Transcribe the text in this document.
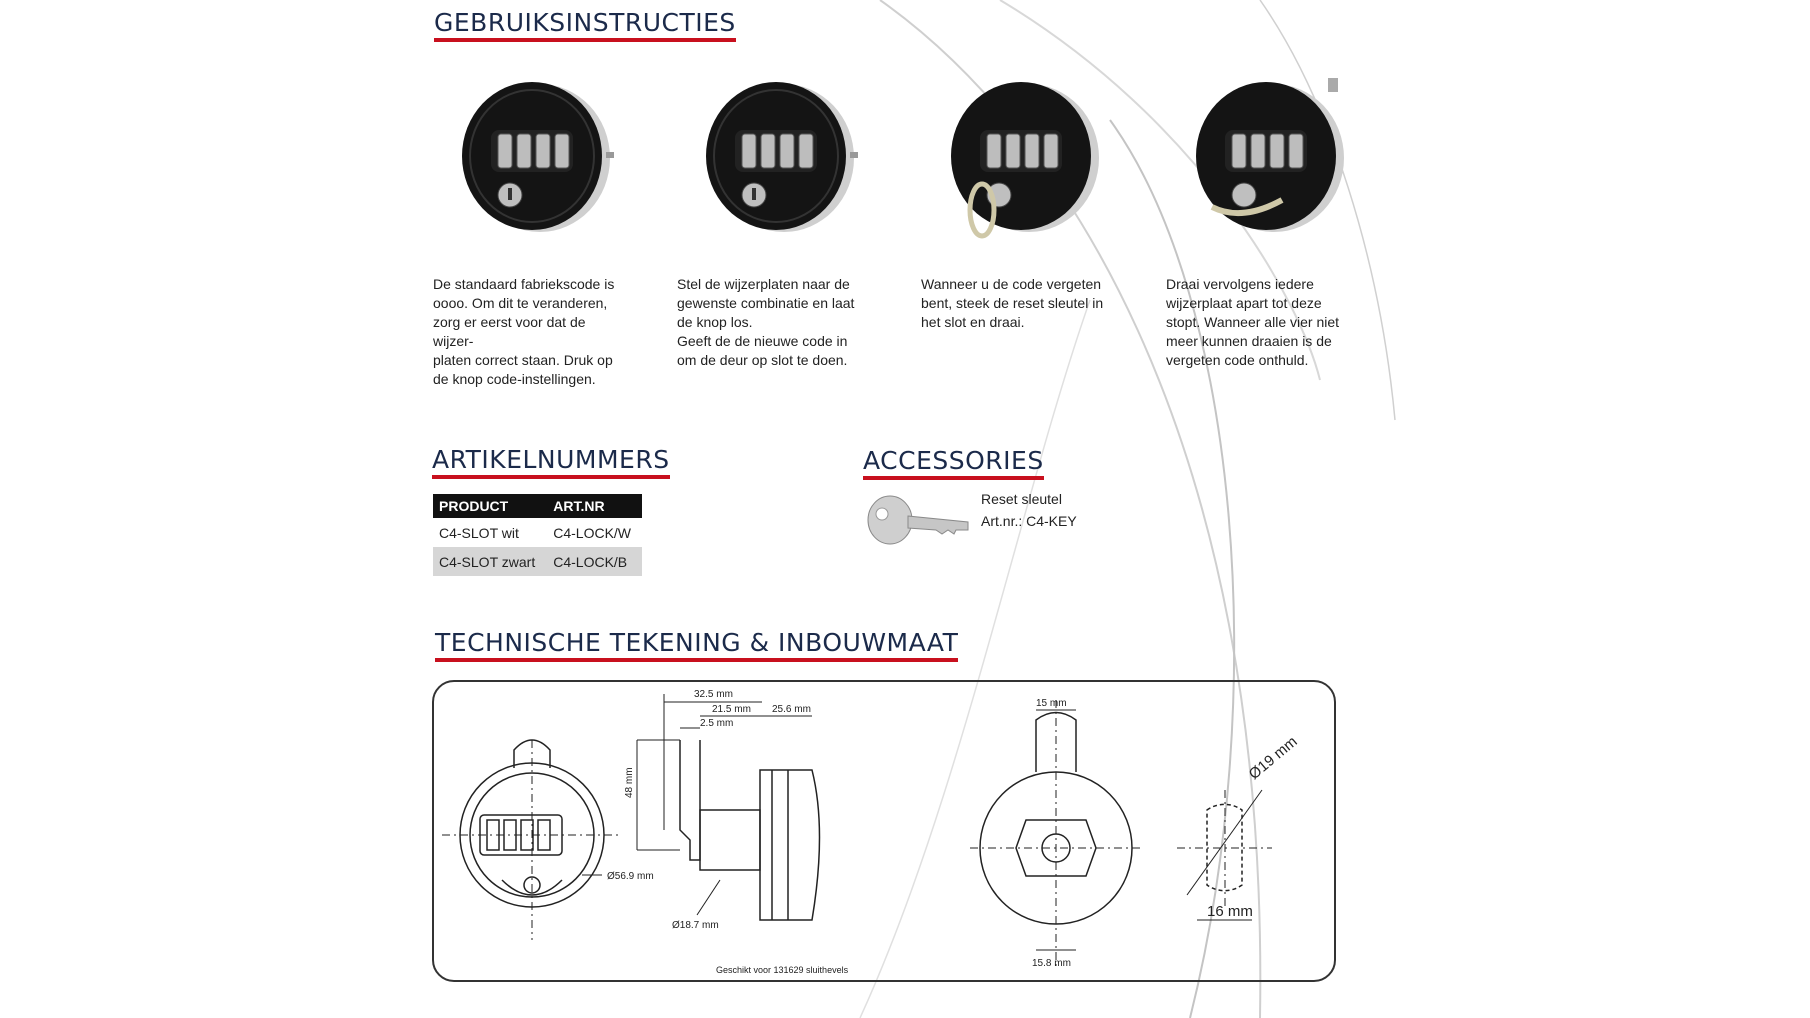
GEBRUIKSINSTRUCTIES
ARTIKELNUMMERS	ACCESSORIES
TECHNISCHE TEKENING & INBOUWMAAT

De standaard fabriekscode is

oooo. Om dit te veranderen,

zorg er eerst voor dat de wijzer-

platen correct staan. Druk op

de knop code-instellingen.

Stel de wijzerplaten naar de

gewenste combinatie en laat

de knop los.

Geeft de de nieuwe code in

om de deur op slot te doen.

Wanneer u de code vergeten

bent, steek de reset sleutel in

het slot en draai.

Draai vervolgens iedere

wijzerplaat apart tot deze

stopt. Wanneer alle vier niet

meer kunnen draaien is de

vergeten code onthuld.

PRODUCT	ART.NR
C4-SLOT wit	C4-LOCK/W
C4-SLOT zwart	C4-LOCK/B
Reset sleutel
Art.nr.: C4-KEY
Ø56.9 mm
32.5 mm
21.5 mm 25.6 mm
2.5 mm
48 mm
Ø18.7 mm
15 mm
15.8 mm
Ø19 mm
16 mm
Geschikt voor 131629 sluithevels
